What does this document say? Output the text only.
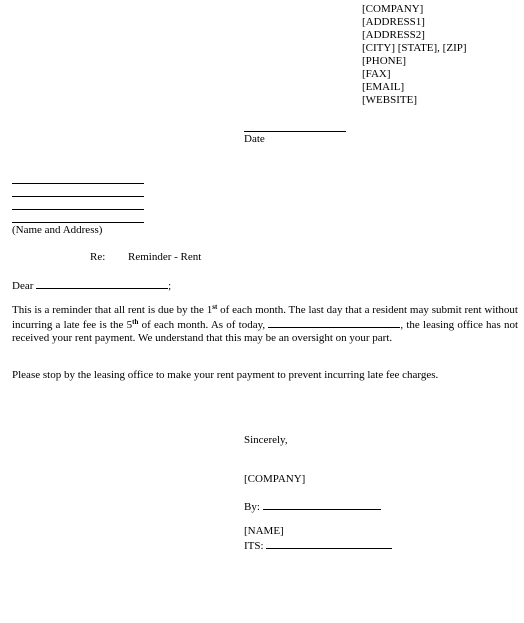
[COMPANY]
[ADDRESS1]
[ADDRESS2]
[CITY] [STATE], [ZIP]
[PHONE]
[FAX]
[EMAIL]
[WEBSITE]
Date
(Name and Address)
Re: Reminder - Rent
Dear	;
This is a reminder that all rent is due by the 1st of each month. The last day that a resident may submit rent without incurring a late fee is the 5th of each month. As of today,	, the leasing office has not received your rent payment. We understand that this may be an oversight on your part.
Please stop by the leasing office to make your rent payment to prevent incurring late fee charges.
Sincerely,
[COMPANY]
By:
[NAME]
ITS:
